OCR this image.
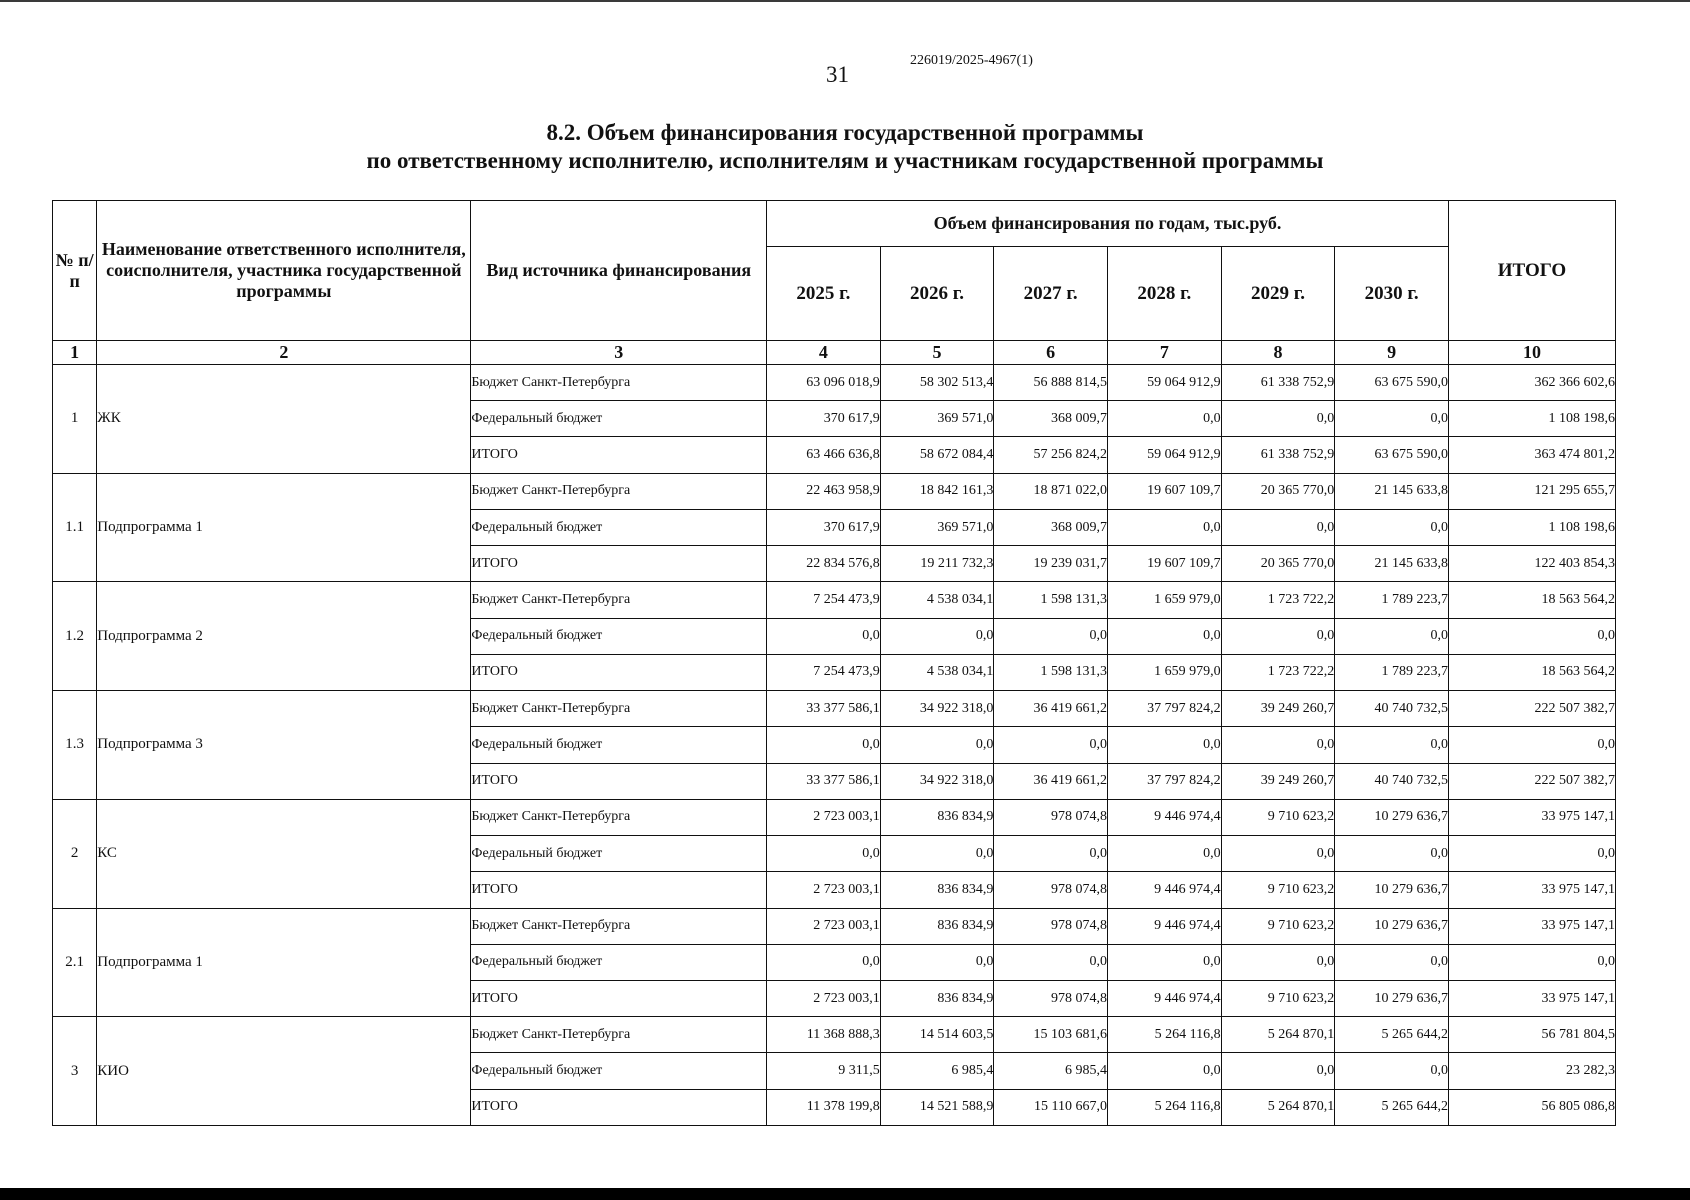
31
226019/2025-4967(1)
8.2. Объем финансирования государственной программы
по ответственному исполнителю, исполнителям и участникам государственной программы
№ п/п	Наименование ответственного исполнителя, соисполнителя, участника государственной программы	Вид источника финансирования	Объем финансирования по годам, тыс.руб.						ИТОГО
			2025 г.	2026 г.	2027 г.	2028 г.	2029 г.	2030 г.	
1	2	3	4	5	6	7	8	9	10
1	ЖК	Бюджет Санкт-Петербурга	63 096 018,9	58 302 513,4	56 888 814,5	59 064 912,9	61 338 752,9	63 675 590,0	362 366 602,6
		Федеральный бюджет	370 617,9	369 571,0	368 009,7	0,0	0,0	0,0	1 108 198,6
		ИТОГО	63 466 636,8	58 672 084,4	57 256 824,2	59 064 912,9	61 338 752,9	63 675 590,0	363 474 801,2
1.1	Подпрограмма 1	Бюджет Санкт-Петербурга	22 463 958,9	18 842 161,3	18 871 022,0	19 607 109,7	20 365 770,0	21 145 633,8	121 295 655,7
		Федеральный бюджет	370 617,9	369 571,0	368 009,7	0,0	0,0	0,0	1 108 198,6
		ИТОГО	22 834 576,8	19 211 732,3	19 239 031,7	19 607 109,7	20 365 770,0	21 145 633,8	122 403 854,3
1.2	Подпрограмма 2	Бюджет Санкт-Петербурга	7 254 473,9	4 538 034,1	1 598 131,3	1 659 979,0	1 723 722,2	1 789 223,7	18 563 564,2
		Федеральный бюджет	0,0	0,0	0,0	0,0	0,0	0,0	0,0
		ИТОГО	7 254 473,9	4 538 034,1	1 598 131,3	1 659 979,0	1 723 722,2	1 789 223,7	18 563 564,2
1.3	Подпрограмма 3	Бюджет Санкт-Петербурга	33 377 586,1	34 922 318,0	36 419 661,2	37 797 824,2	39 249 260,7	40 740 732,5	222 507 382,7
		Федеральный бюджет	0,0	0,0	0,0	0,0	0,0	0,0	0,0
		ИТОГО	33 377 586,1	34 922 318,0	36 419 661,2	37 797 824,2	39 249 260,7	40 740 732,5	222 507 382,7
2	КС	Бюджет Санкт-Петербурга	2 723 003,1	836 834,9	978 074,8	9 446 974,4	9 710 623,2	10 279 636,7	33 975 147,1
		Федеральный бюджет	0,0	0,0	0,0	0,0	0,0	0,0	0,0
		ИТОГО	2 723 003,1	836 834,9	978 074,8	9 446 974,4	9 710 623,2	10 279 636,7	33 975 147,1
2.1	Подпрограмма 1	Бюджет Санкт-Петербурга	2 723 003,1	836 834,9	978 074,8	9 446 974,4	9 710 623,2	10 279 636,7	33 975 147,1
		Федеральный бюджет	0,0	0,0	0,0	0,0	0,0	0,0	0,0
		ИТОГО	2 723 003,1	836 834,9	978 074,8	9 446 974,4	9 710 623,2	10 279 636,7	33 975 147,1
3	КИО	Бюджет Санкт-Петербурга	11 368 888,3	14 514 603,5	15 103 681,6	5 264 116,8	5 264 870,1	5 265 644,2	56 781 804,5
		Федеральный бюджет	9 311,5	6 985,4	6 985,4	0,0	0,0	0,0	23 282,3
		ИТОГО	11 378 199,8	14 521 588,9	15 110 667,0	5 264 116,8	5 264 870,1	5 265 644,2	56 805 086,8
